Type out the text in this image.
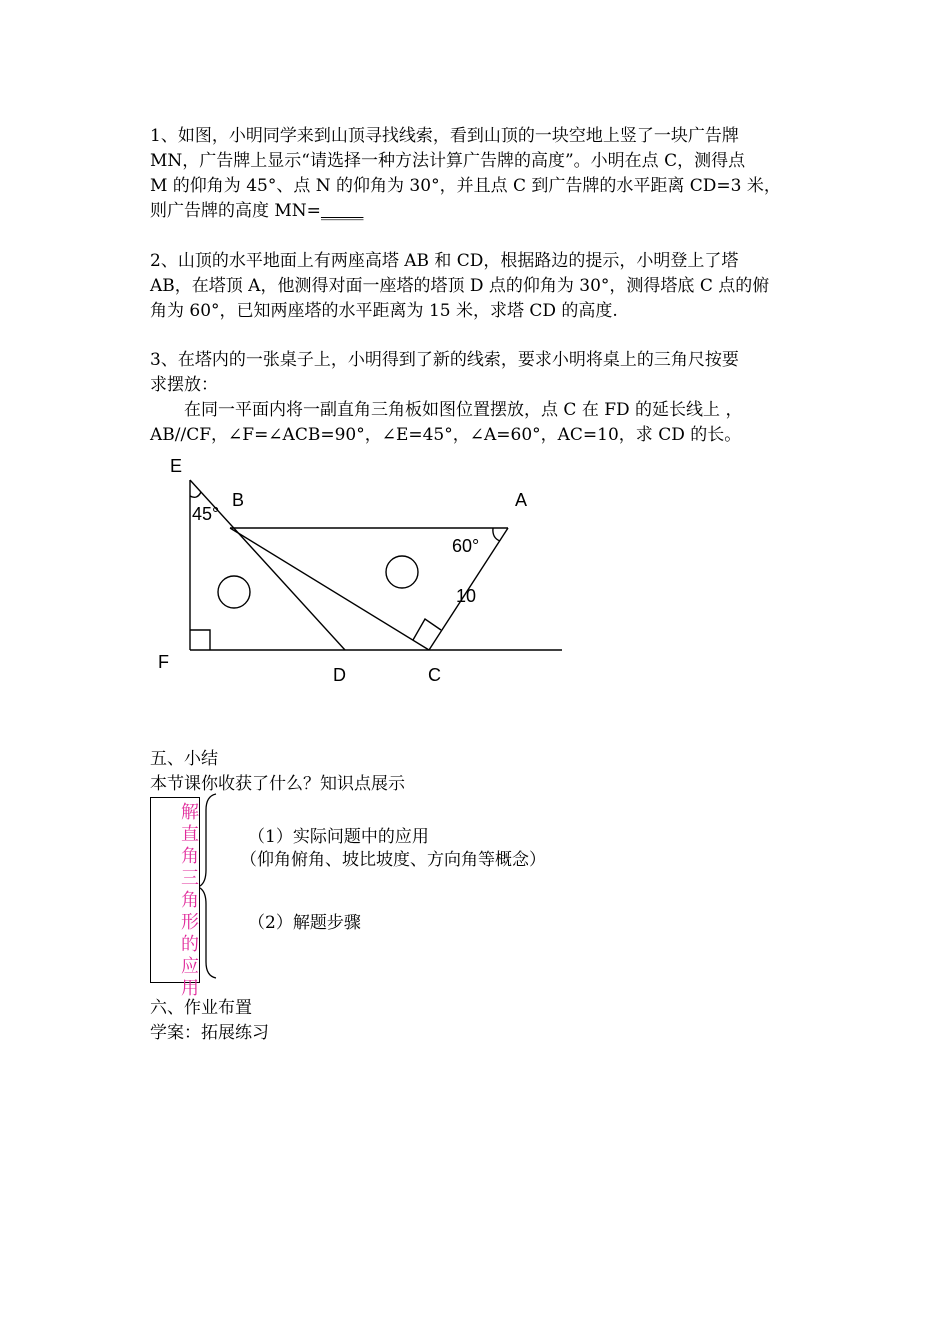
1、如图，小明同学来到山顶寻找线索，看到山顶的一块空地上竖了一块广告牌
MN，广告牌上显示“请选择一种方法计算广告牌的高度”。小明在点 C，测得点
M 的仰角为 45°、点 N 的仰角为 30°，并且点 C 到广告牌的水平距离 CD=3 米，
则广告牌的高度 MN=_____
2、山顶的水平地面上有两座高塔 AB 和 CD，根据路边的提示，小明登上了塔
AB，在塔顶 A，他测得对面一座塔的塔顶 D 点的仰角为 30°，测得塔底 C 点的俯
角为 60°，已知两座塔的水平距离为 15 米，求塔 CD 的高度.
3、在塔内的一张桌子上，小明得到了新的线索，要求小明将桌上的三角尺按要
求摆放：
　　在同一平面内将一副直角三角板如图位置摆放，点 C 在 FD 的延长线上 ，
AB//CF，∠F=∠ACB=90°，∠E=45°，∠A=60°，AC=10，求 CD 的长。
E
B	A
F
D	C
45°
60°
10
五、小结
本节课你收获了什么？知识点展示
解
直
角
三
角
形
的
应
用
（1）实际问题中的应用
（仰角俯角、坡比坡度、方向角等概念）
（2）解题步骤
六、作业布置
学案：拓展练习
